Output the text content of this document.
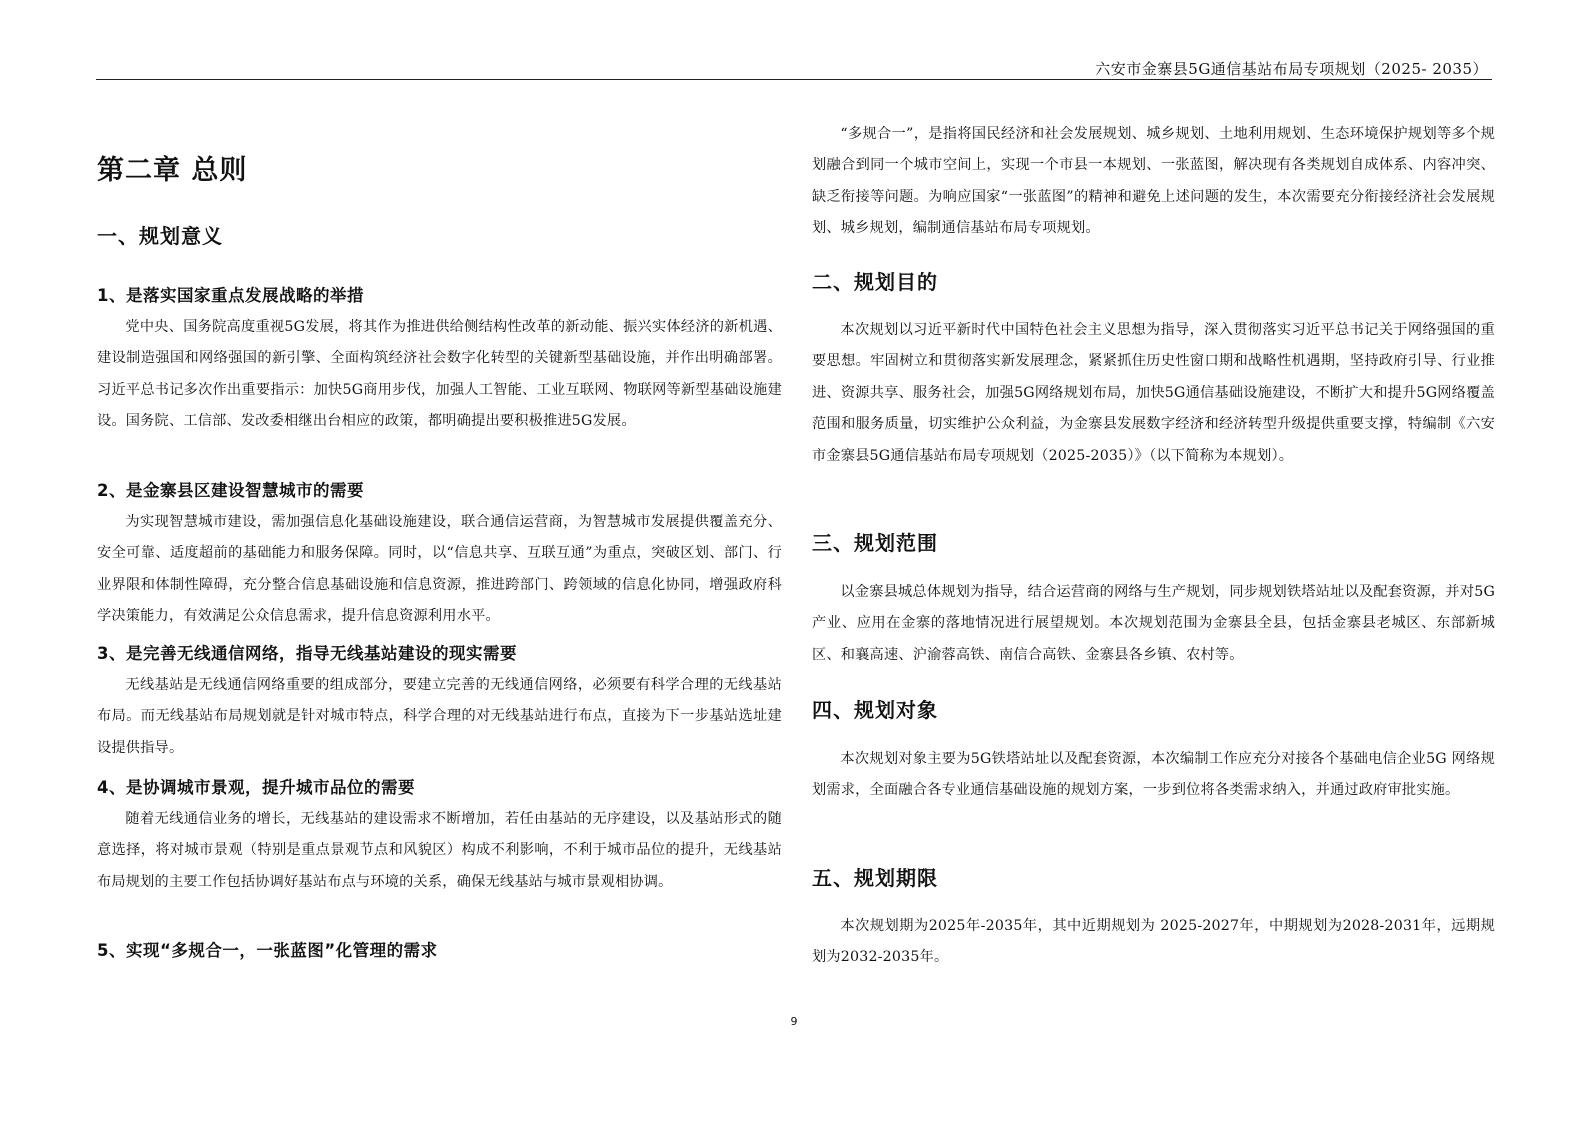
六安市金寨县5G通信基站布局专项规划（2025- 2035）
第二章 总则
一、规划意义
1、是落实国家重点发展战略的举措

党中央、国务院高度重视5G发展，将其作为推进供给侧结构性改革的新动能、振兴实体经济的新机遇、建设制造强国和网络强国的新引擎、全面构筑经济社会数字化转型的关键新型基础设施，并作出明确部署。习近平总书记多次作出重要指示：加快5G商用步伐，加强人工智能、工业互联网、物联网等新型基础设施建设。国务院、工信部、发改委相继出台相应的政策，都明确提出要积极推进5G发展。

2、是金寨县区建设智慧城市的需要

为实现智慧城市建设，需加强信息化基础设施建设，联合通信运营商，为智慧城市发展提供覆盖充分、安全可靠、适度超前的基础能力和服务保障。同时，以“信息共享、互联互通”为重点，突破区划、部门、行业界限和体制性障碍，充分整合信息基础设施和信息资源，推进跨部门、跨领域的信息化协同，增强政府科学决策能力，有效满足公众信息需求，提升信息资源利用水平。

3、是完善无线通信网络，指导无线基站建设的现实需要

无线基站是无线通信网络重要的组成部分，要建立完善的无线通信网络，必须要有科学合理的无线基站布局。而无线基站布局规划就是针对城市特点，科学合理的对无线基站进行布点，直接为下一步基站选址建设提供指导。

4、是协调城市景观，提升城市品位的需要

随着无线通信业务的增长，无线基站的建设需求不断增加，若任由基站的无序建设，以及基站形式的随意选择，将对城市景观（特别是重点景观节点和风貌区）构成不利影响，不利于城市品位的提升，无线基站布局规划的主要工作包括协调好基站布点与环境的关系，确保无线基站与城市景观相协调。

5、实现“多规合一，一张蓝图”化管理的需求

“多规合一”，是指将国民经济和社会发展规划、城乡规划、土地利用规划、生态环境保护规划等多个规划融合到同一个城市空间上，实现一个市县一本规划、一张蓝图，解决现有各类规划自成体系、内容冲突、缺乏衔接等问题。为响应国家“一张蓝图”的精神和避免上述问题的发生，本次需要充分衔接经济社会发展规划、城乡规划，编制通信基站布局专项规划。

二、规划目的

本次规划以习近平新时代中国特色社会主义思想为指导，深入贯彻落实习近平总书记关于网络强国的重要思想。牢固树立和贯彻落实新发展理念，紧紧抓住历史性窗口期和战略性机遇期，坚持政府引导、行业推进、资源共享、服务社会，加强5G网络规划布局，加快5G通信基础设施建设，不断扩大和提升5G网络覆盖范围和服务质量，切实维护公众利益，为金寨县发展数字经济和经济转型升级提供重要支撑，特编制《六安市金寨县5G通信基站布局专项规划（2025-2035）》（以下简称为本规划）。

三、规划范围

以金寨县城总体规划为指导，结合运营商的网络与生产规划，同步规划铁塔站址以及配套资源，并对5G产业、应用在金寨的落地情况进行展望规划。本次规划范围为金寨县全县，包括金寨县老城区、东部新城区、和襄高速、沪渝蓉高铁、南信合高铁、金寨县各乡镇、农村等。

四、规划对象

本次规划对象主要为5G铁塔站址以及配套资源，本次编制工作应充分对接各个基础电信企业5G 网络规划需求，全面融合各专业通信基础设施的规划方案，一步到位将各类需求纳入，并通过政府审批实施。

五、规划期限

本次规划期为2025年-2035年，其中近期规划为 2025-2027年，中期规划为2028-2031年，远期规划为2032-2035年。

9
